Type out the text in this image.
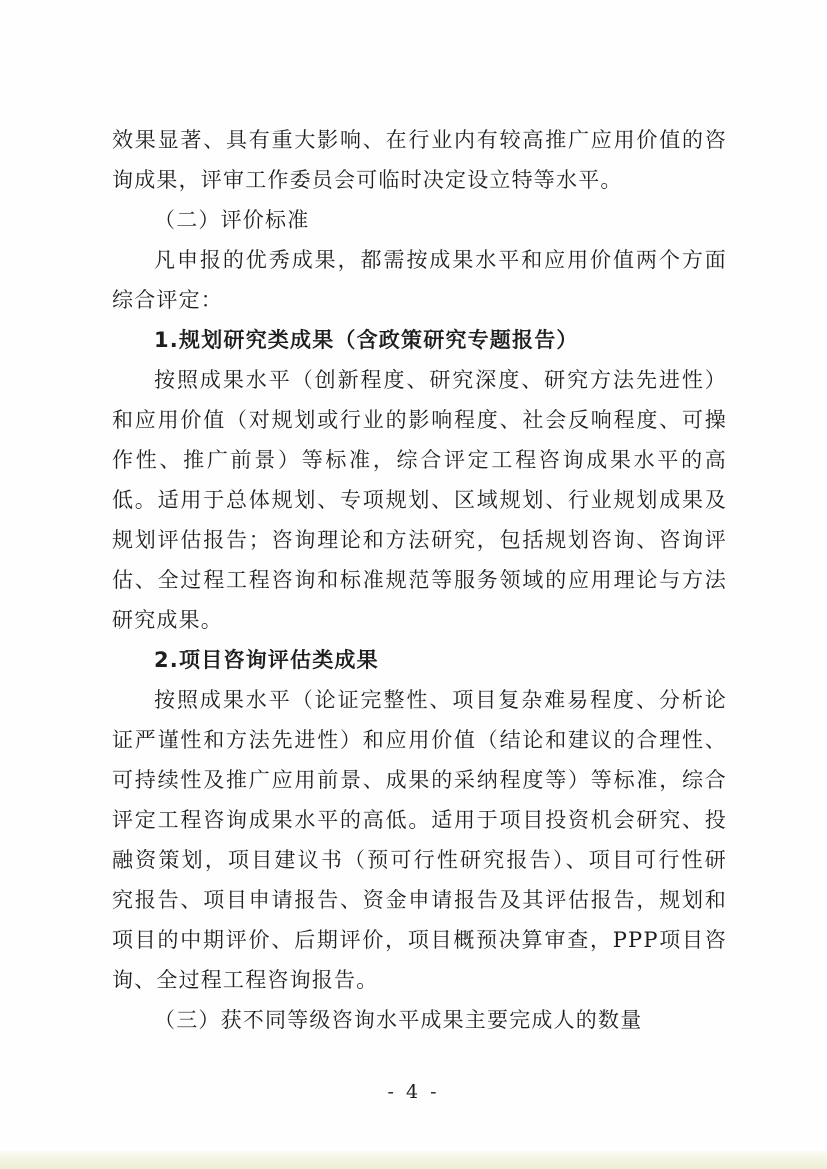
效果显著、具有重大影响、在行业内有较高推广应用价值的咨
询成果，评审工作委员会可临时决定设立特等水平。
（二）评价标准
凡申报的优秀成果，都需按成果水平和应用价值两个方面
综合评定：
1.规划研究类成果（含政策研究专题报告）
按照成果水平（创新程度、研究深度、研究方法先进性）
和应用价值（对规划或行业的影响程度、社会反响程度、可操
作性、推广前景）等标准，综合评定工程咨询成果水平的高
低。适用于总体规划、专项规划、区域规划、行业规划成果及
规划评估报告；咨询理论和方法研究，包括规划咨询、咨询评
估、全过程工程咨询和标准规范等服务领域的应用理论与方法
研究成果。
2.项目咨询评估类成果
按照成果水平（论证完整性、项目复杂难易程度、分析论
证严谨性和方法先进性）和应用价值（结论和建议的合理性、
可持续性及推广应用前景、成果的采纳程度等）等标准，综合
评定工程咨询成果水平的高低。适用于项目投资机会研究、投
融资策划，项目建议书（预可行性研究报告）、项目可行性研
究报告、项目申请报告、资金申请报告及其评估报告，规划和
项目的中期评价、后期评价，项目概预决算审查，PPP项目咨
询、全过程工程咨询报告。
（三）获不同等级咨询水平成果主要完成人的数量
- 4 -
